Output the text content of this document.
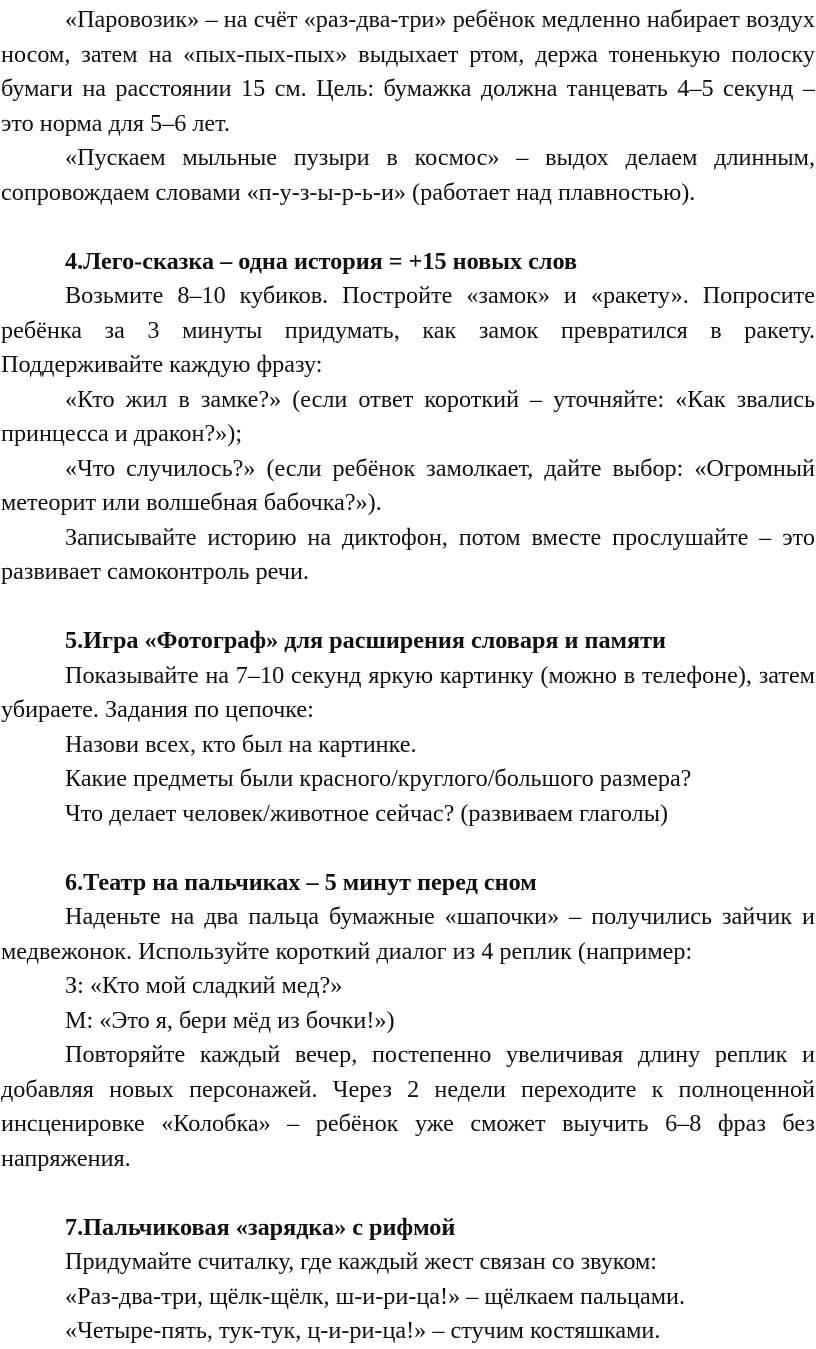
«Паровозик» – на счёт «раз-два-три» ребёнок медленно набирает воздух носом, затем на «пых-пых-пых» выдыхает ртом, держа тоненькую полоску бумаги на расстоянии 15 см. Цель: бумажка должна танцевать 4–5 секунд – это норма для 5–6 лет.

«Пускаем мыльные пузыри в космос» – выдох делаем длинным, сопровождаем словами «п-у-з-ы-р-ь-и» (работает над плавностью).

4.Лего-сказка – одна история = +15 новых слов

Возьмите 8–10 кубиков. Постройте «замок» и «ракету». Попросите ребёнка за 3 минуты придумать, как замок превратился в ракету. Поддерживайте каждую фразу:

«Кто жил в замке?» (если ответ короткий – уточняйте: «Как звались принцесса и дракон?»);

«Что случилось?» (если ребёнок замолкает, дайте выбор: «Огромный метеорит или волшебная бабочка?»).

Записывайте историю на диктофон, потом вместе прослушайте – это развивает самоконтроль речи.

5.Игра «Фотограф» для расширения словаря и памяти

Показывайте на 7–10 секунд яркую картинку (можно в телефоне), затем убираете. Задания по цепочке:

Назови всех, кто был на картинке.

Какие предметы были красного/круглого/большого размера?

Что делает человек/животное сейчас? (развиваем глаголы)

6.Театр на пальчиках – 5 минут перед сном

Наденьте на два пальца бумажные «шапочки» – получились зайчик и медвежонок. Используйте короткий диалог из 4 реплик (например:

З: «Кто мой сладкий мед?»

М: «Это я, бери мёд из бочки!»)

Повторяйте каждый вечер, постепенно увеличивая длину реплик и добавляя новых персонажей. Через 2 недели переходите к полноценной инсценировке «Колобка» – ребёнок уже сможет выучить 6–8 фраз без напряжения.

7.Пальчиковая «зарядка» с рифмой

Придумайте считалку, где каждый жест связан со звуком:

«Раз-два-три, щёлк-щёлк, ш-и-ри-ца!» – щёлкаем пальцами.

«Четыре-пять, тук-тук, ц-и-ри-ца!» – стучим костяшками.
